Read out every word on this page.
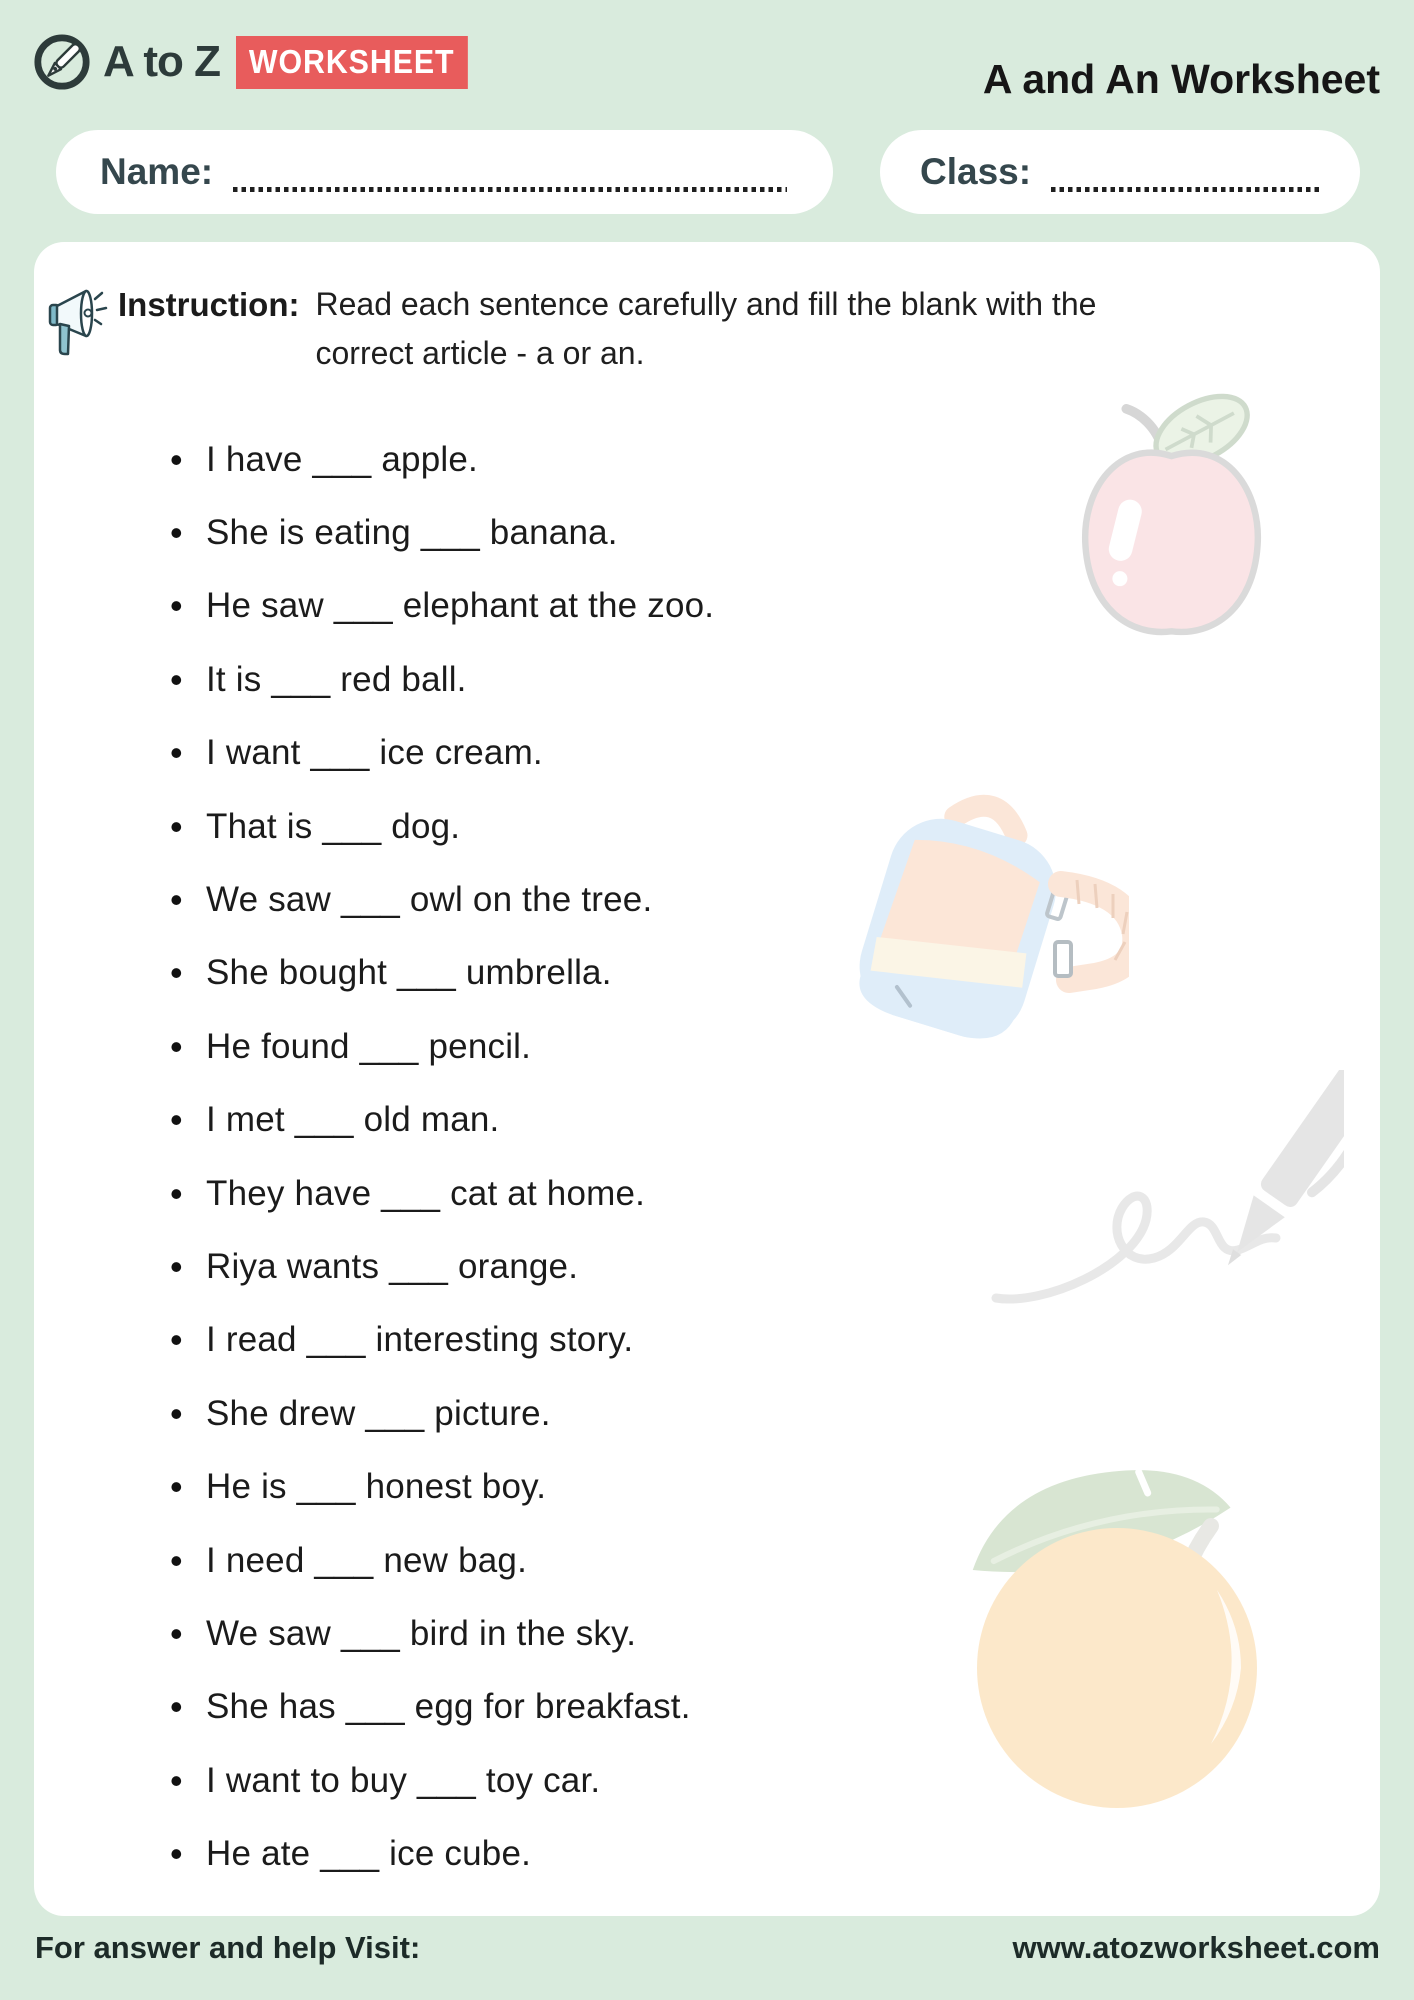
A to Z WORKSHEET	A and An Worksheet
Name:	Class:
Instruction: Read each sentence carefully and fill the blank with the
correct article - a or an.
• I have ___ apple.
• She is eating ___ banana.
• He saw ___ elephant at the zoo.
• It is ___ red ball.
• I want ___ ice cream.
• That is ___ dog.
• We saw ___ owl on the tree.
• She bought ___ umbrella.
• He found ___ pencil.
• I met ___ old man.
• They have ___ cat at home.
• Riya wants ___ orange.
• I read ___ interesting story.
• She drew ___ picture.
• He is ___ honest boy.
• I need ___ new bag.
• We saw ___ bird in the sky.
• She has ___ egg for breakfast.
• I want to buy ___ toy car.
• He ate ___ ice cube.
For answer and help Visit:	www.atozworksheet.com
